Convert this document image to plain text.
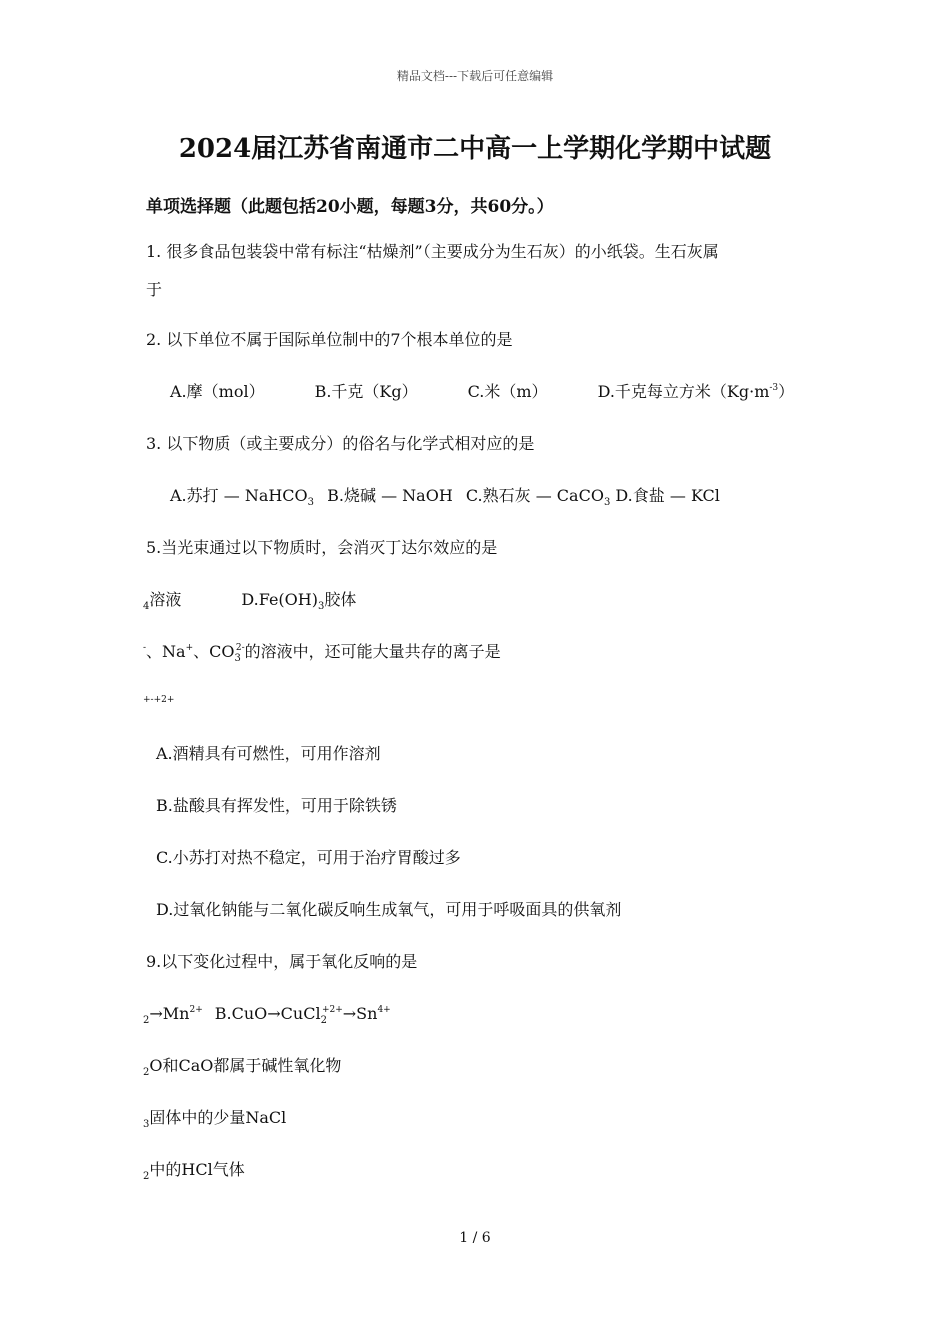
精品文档---下载后可任意编辑
2024届江苏省南通市二中高一上学期化学期中试题
单项选择题（此题包括20小题，每题3分，共60分。）
1. 很多食品包装袋中常有标注“枯燥剂”（主要成分为生石灰）的小纸袋。生石灰属
于
2. 以下单位不属于国际单位制中的7个根本单位的是
A.摩（mol）	B.千克（Kg）	C.米（m）	D.千克每立方米$(Kg\cdot m^{-3})$
3. 以下物质（或主要成分）的俗名与化学式相对应的是
A.苏打 — NaHCO$_3$ B.烧碱 — NaOH C.熟石灰 — CaCO$_3$ D.食盐 — KCl
5.当光束通过以下物质时，会消灭丁达尔效应的是
$_4$溶液	$D.Fe(OH)_3$胶体
-、Na+、$CO_3^{2-}$的溶液中，还可能大量共存的离子是
+-+2+
A.酒精具有可燃性，可用作溶剂
B.盐酸具有挥发性，可用于除铁锈
C.小苏打对热不稳定，可用于治疗胃酸过多
D.过氧化钠能与二氧化碳反响生成氧气，可用于呼吸面具的供氧剂
9.以下变化过程中，属于氧化反响的是
$_2\to Mn^{2+}$ $B.CuO\to CuCl_2^{+2+}\to Sn^{4+}$
$_2$O和CaO都属于碱性氧化物
$_3$固体中的少量NaCl
$_2$中的HCl气体
1 / 6
